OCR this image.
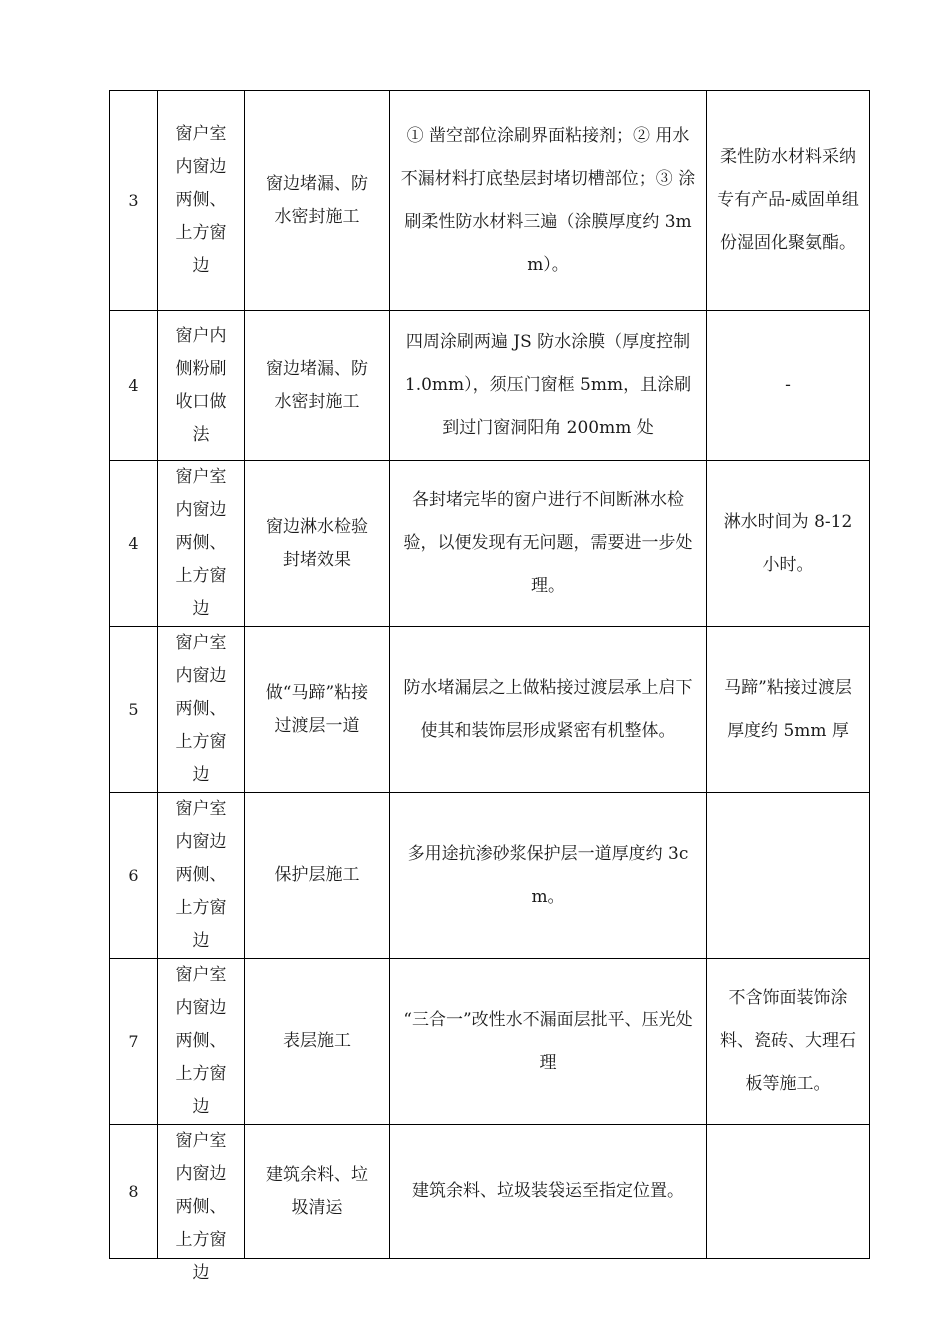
3	窗户室内窗边两侧、上方窗边	窗边堵漏、防水密封施工	① 凿空部位涂刷界面粘接剂；② 用水不漏材料打底垫层封堵切槽部位；③ 涂刷柔性防水材料三遍（涂膜厚度约 3mm）。	柔性防水材料采纳专有产品-威固单组份湿固化聚氨酯。
4	窗户内侧粉刷收口做法	窗边堵漏、防水密封施工	四周涂刷两遍 JS 防水涂膜（厚度控制 1.0mm），须压门窗框 5mm，且涂刷到过门窗洞阳角 200mm 处	-
4	窗户室内窗边两侧、上方窗边	窗边淋水检验封堵效果	各封堵完毕的窗户进行不间断淋水检验，以便发现有无问题，需要进一步处理。	淋水时间为 8-12 小时。
5	窗户室内窗边两侧、上方窗边	做“马蹄”粘接过渡层一道	防水堵漏层之上做粘接过渡层承上启下使其和装饰层形成紧密有机整体。	马蹄”粘接过渡层厚度约 5mm 厚
6	窗户室内窗边两侧、上方窗边	保护层施工	多用途抗渗砂浆保护层一道厚度约 3cm。	
7	窗户室内窗边两侧、上方窗边	表层施工	“三合一”改性水不漏面层批平、压光处理	不含饰面装饰涂料、瓷砖、大理石板等施工。
8	窗户室内窗边两侧、上方窗边	建筑余料、垃圾清运	建筑余料、垃圾装袋运至指定位置。	
